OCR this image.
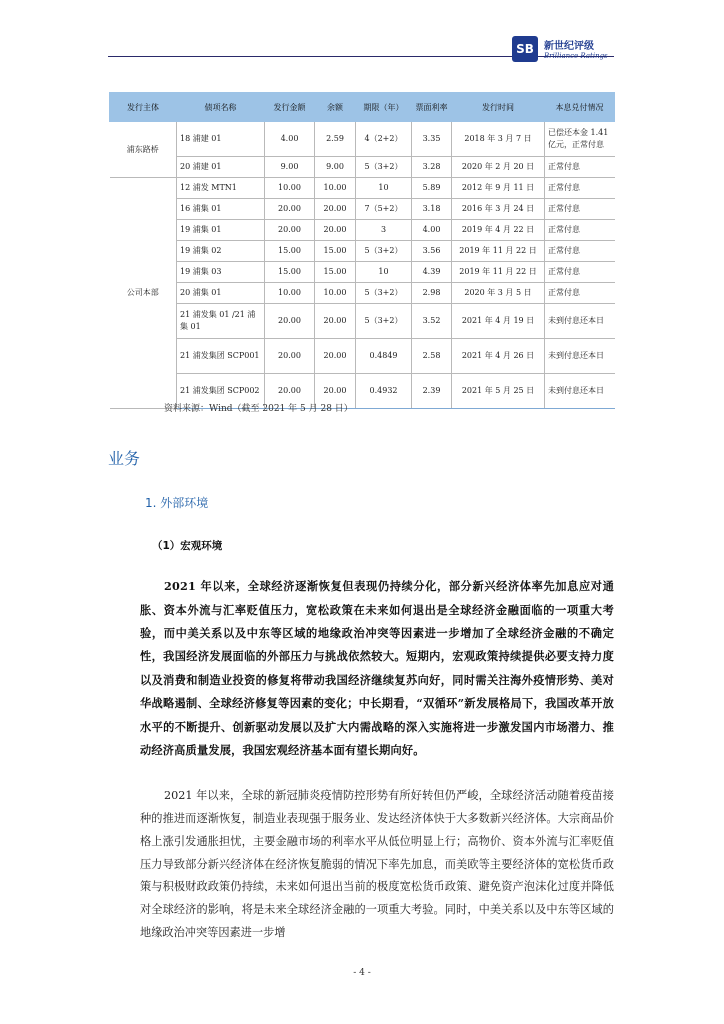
SB	新世纪评级
Brilliance Ratings
发行主体	债项名称	发行金额	余额	期限（年）	票面利率	发行时间	本息兑付情况
浦东路桥	18 浦建 01	4.00	2.59	4（2+2）	3.35	2018 年 3 月 7 日	已偿还本金 1.41 亿元，正常付息
	20 浦建 01	9.00	9.00	5（3+2）	3.28	2020 年 2 月 20 日	正常付息
公司本部	12 浦发 MTN1	10.00	10.00	10	5.89	2012 年 9 月 11 日	正常付息
	16 浦集 01	20.00	20.00	7（5+2）	3.18	2016 年 3 月 24 日	正常付息
	19 浦集 01	20.00	20.00	3	4.00	2019 年 4 月 22 日	正常付息
	19 浦集 02	15.00	15.00	5（3+2）	3.56	2019 年 11 月 22 日	正常付息
	19 浦集 03	15.00	15.00	10	4.39	2019 年 11 月 22 日	正常付息
	20 浦集 01	10.00	10.00	5（3+2）	2.98	2020 年 3 月 5 日	正常付息
	21 浦发集 01 /21 浦集 01	20.00	20.00	5（3+2）	3.52	2021 年 4 月 19 日	未到付息还本日
	21 浦发集团 SCP001	20.00	20.00	0.4849	2.58	2021 年 4 月 26 日	未到付息还本日
	21 浦发集团 SCP002	20.00	20.00	0.4932	2.39	2021 年 5 月 25 日	未到付息还本日
资料来源：Wind（截至 2021 年 5 月 28 日）
业务
1. 外部环境
（1）宏观环境

2021 年以来，全球经济逐渐恢复但表现仍持续分化，部分新兴经济体率先加息应对通胀、资本外流与汇率贬值压力，宽松政策在未来如何退出是全球经济金融面临的一项重大考验，而中美关系以及中东等区域的地缘政治冲突等因素进一步增加了全球经济金融的不确定性，我国经济发展面临的外部压力与挑战依然较大。短期内，宏观政策持续提供必要支持力度以及消费和制造业投资的修复将带动我国经济继续复苏向好，同时需关注海外疫情形势、美对华战略遏制、全球经济修复等因素的变化；中长期看，“双循环”新发展格局下，我国改革开放水平的不断提升、创新驱动发展以及扩大内需战略的深入实施将进一步激发国内市场潜力、推动经济高质量发展，我国宏观经济基本面有望长期向好。

2021 年以来，全球的新冠肺炎疫情防控形势有所好转但仍严峻，全球经济活动随着疫苗接种的推进而逐渐恢复，制造业表现强于服务业、发达经济体快于大多数新兴经济体。大宗商品价格上涨引发通胀担忧，主要金融市场的利率水平从低位明显上行；高物价、资本外流与汇率贬值压力导致部分新兴经济体在经济恢复脆弱的情况下率先加息，而美欧等主要经济体的宽松货币政策与积极财政政策仍持续，未来如何退出当前的极度宽松货币政策、避免资产泡沫化过度并降低对全球经济的影响，将是未来全球经济金融的一项重大考验。同时，中美关系以及中东等区域的地缘政治冲突等因素进一步增

- 4 -
